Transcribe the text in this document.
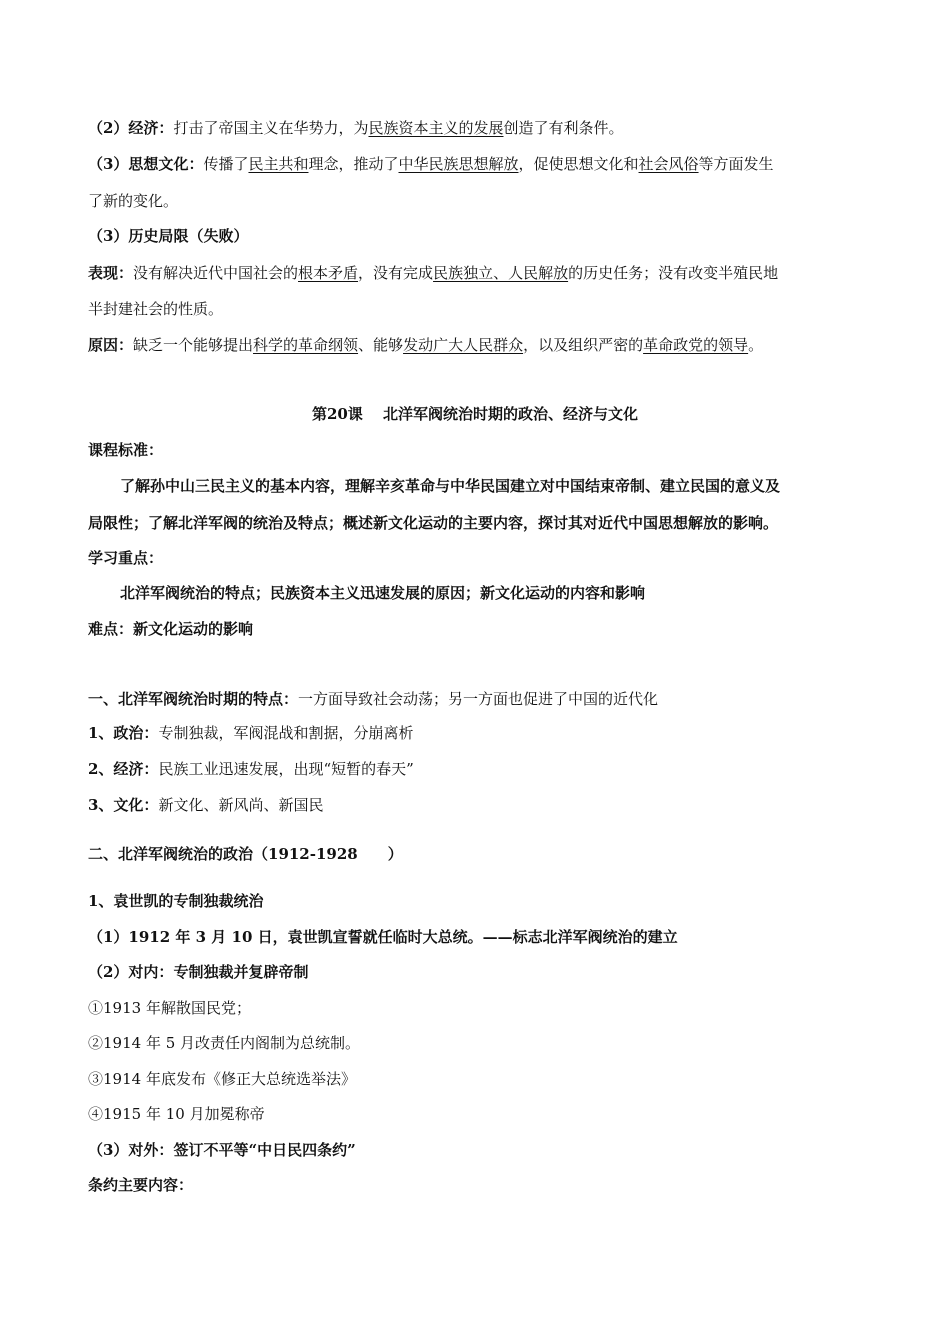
（2）经济：打击了帝国主义在华势力，为民族资本主义的发展创造了有利条件。
（3）思想文化：传播了民主共和理念，推动了中华民族思想解放，促使思想文化和社会风俗等方面发生
了新的变化。
（3）历史局限（失败）
表现：没有解决近代中国社会的根本矛盾，没有完成民族独立、人民解放的历史任务；没有改变半殖民地
半封建社会的性质。
原因：缺乏一个能够提出科学的革命纲领、能够发动广大人民群众，以及组织严密的革命政党的领导。
第20课　 北洋军阀统治时期的政治、经济与文化
课程标准：
了解孙中山三民主义的基本内容，理解辛亥革命与中华民国建立对中国结束帝制、建立民国的意义及
局限性；了解北洋军阀的统治及特点；概述新文化运动的主要内容，探讨其对近代中国思想解放的影响。
学习重点：
北洋军阀统治的特点；民族资本主义迅速发展的原因；新文化运动的内容和影响
难点：新文化运动的影响
一、北洋军阀统治时期的特点：一方面导致社会动荡；另一方面也促进了中国的近代化
1、政治：专制独裁，军阀混战和割据，分崩离析
2、经济：民族工业迅速发展，出现“短暂的春天”
3、文化：新文化、新风尚、新国民
二、北洋军阀统治的政治（1912-1928　　）
1、袁世凯的专制独裁统治
（1）1912 年 3 月 10 日，袁世凯宣誓就任临时大总统。——标志北洋军阀统治的建立
（2）对内：专制独裁并复辟帝制
①1913 年解散国民党；
②1914 年 5 月改责任内阁制为总统制。
③1914 年底发布《修正大总统选举法》
④1915 年 10 月加冕称帝
（3）对外：签订不平等“中日民四条约”
条约主要内容：
